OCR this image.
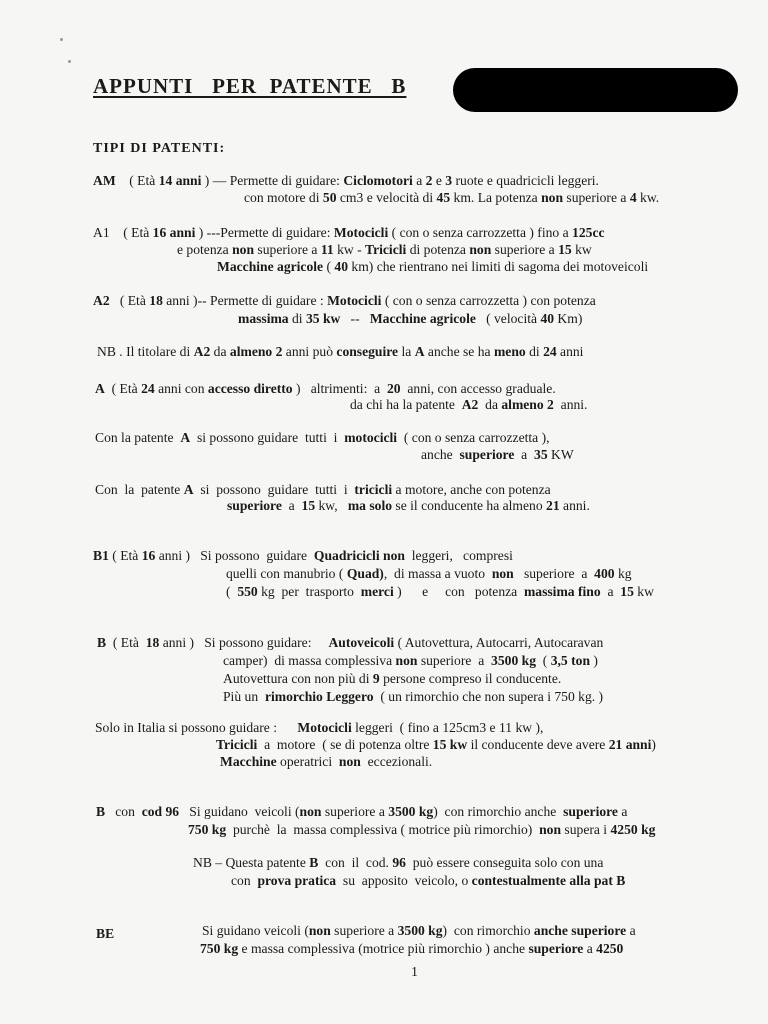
APPUNTI   PER  PATENTE   B
TIPI DI PATENTI:
AM    ( Età 14 anni ) — Permette di guidare: Ciclomotori a 2 e 3 ruote e quadricicli leggeri.
con motore di 50 cm3 e velocità di 45 km. La potenza non superiore a 4 kw.
A1    ( Età 16 anni ) ---Permette di guidare: Motocicli ( con o senza carrozzetta ) fino a 125cc
e potenza non superiore a 11 kw - Tricicli di potenza non superiore a 15 kw
Macchine agricole ( 40 km) che rientrano nei limiti di sagoma dei motoveicoli
A2   ( Età 18 anni )-- Permette di guidare : Motocicli ( con o senza carrozzetta ) con potenza
massima di 35 kw   --   Macchine agricole   ( velocità 40 Km)
NB . Il titolare di A2 da almeno 2 anni può conseguire la A anche se ha meno di 24 anni
A  ( Età 24 anni con accesso diretto )   altrimenti:  a  20  anni, con accesso graduale.
da chi ha la patente  A2  da almeno 2  anni.
Con la patente  A  si possono guidare  tutti  i  motocicli  ( con o senza carrozzetta ),
anche  superiore  a  35 KW
Con  la  patente A  si  possono  guidare  tutti  i  tricicli a motore, anche con potenza
superiore  a  15 kw,   ma solo se il conducente ha almeno 21 anni.
B1 ( Età 16 anni )   Si possono  guidare  Quadricicli non  leggeri,   compresi
quelli con manubrio ( Quad),  di massa a vuoto  non   superiore  a  400 kg
(  550 kg  per  trasporto  merci )      e     con   potenza  massima fino  a  15 kw
B  ( Età  18 anni )   Si possono guidare:     Autoveicoli ( Autovettura, Autocarri, Autocaravan
camper)  di massa complessiva non superiore  a  3500 kg  ( 3,5 ton )
Autovettura con non più di 9 persone compreso il conducente.
Più un  rimorchio Leggero  ( un rimorchio che non supera i 750 kg. )
Solo in Italia si possono guidare :      Motocicli leggeri  ( fino a 125cm3 e 11 kw ),
Tricicli  a  motore  ( se di potenza oltre 15 kw il conducente deve avere 21 anni)
Macchine operatrici  non  eccezionali.
B   con  cod 96   Si guidano  veicoli (non superiore a 3500 kg)  con rimorchio anche  superiore a
750 kg  purchè  la  massa complessiva ( motrice più rimorchio)  non supera i 4250 kg
NB – Questa patente B  con  il  cod. 96  può essere conseguita solo con una
con  prova pratica  su  apposito  veicolo, o contestualmente alla pat B
BE	Si guidano veicoli (non superiore a 3500 kg)  con rimorchio anche superiore a
750 kg e massa complessiva (motrice più rimorchio ) anche superiore a 4250
1
